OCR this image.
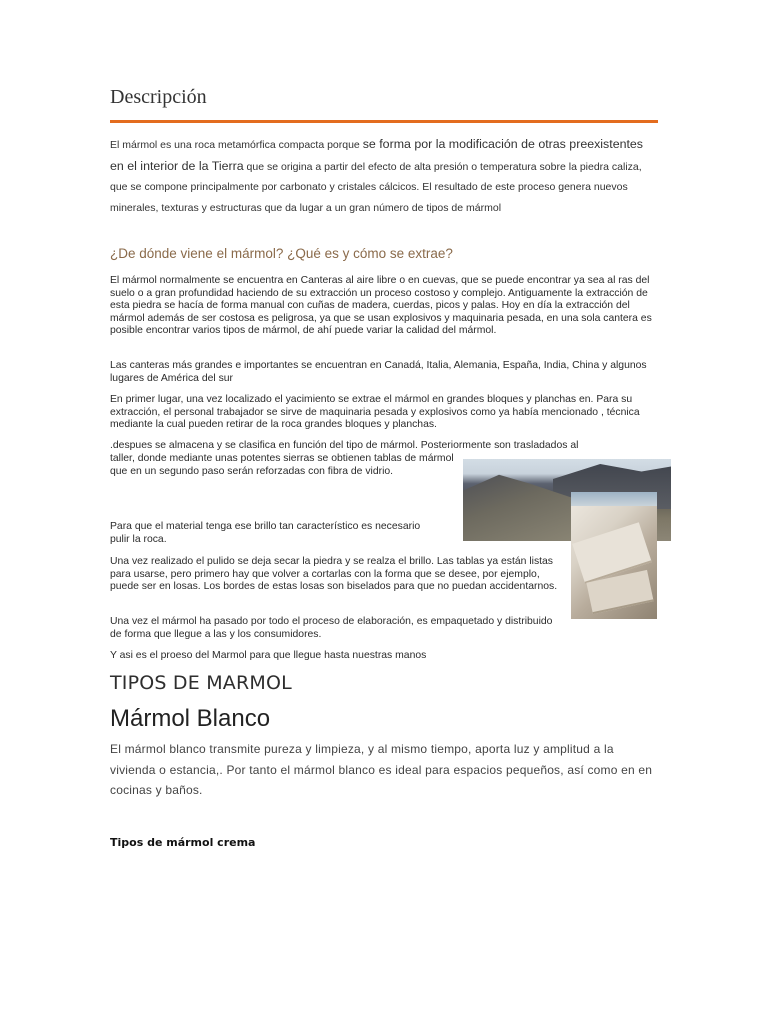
Descripción
El mármol es una roca metamórfica compacta porque se forma por la modificación de otras preexistentes en el interior de la Tierra que se origina a partir del efecto de alta presión o temperatura sobre la piedra caliza, que se compone principalmente por carbonato y cristales cálcicos. El resultado de este proceso genera nuevos minerales, texturas y estructuras que da lugar a un gran número de tipos de mármol
¿De dónde viene el mármol? ¿Qué es y cómo se extrae?
El mármol normalmente se encuentra en Canteras al aire libre o en cuevas, que se puede encontrar ya sea al ras del suelo o a gran profundidad haciendo de su extracción un proceso costoso y complejo. Antiguamente la extracción de esta piedra se hacía de forma manual con cuñas de madera, cuerdas, picos y palas. Hoy en día la extracción del mármol además de ser costosa es peligrosa, ya que se usan explosivos y maquinaria pesada, en una sola cantera es posible encontrar varios tipos de mármol, de ahí puede variar la calidad del mármol.
Las canteras más grandes e importantes se encuentran en Canadá, Italia, Alemania, España, India, China y algunos lugares de América del sur
En primer lugar, una vez localizado el yacimiento se extrae el mármol en grandes bloques y planchas en. Para su extracción, el personal trabajador se sirve de maquinaria pesada y explosivos como ya había mencionado , técnica mediante la cual pueden retirar de la roca grandes bloques y planchas.
.despues se almacena y se clasifica en función del tipo de mármol. Posteriormente son trasladados al
taller, donde mediante unas potentes sierras se obtienen tablas de mármol que en un segundo paso serán reforzadas con fibra de vidrio.
Para que el material tenga ese brillo tan característico es necesario pulir la roca.
Una vez realizado el pulido se deja secar la piedra y se realza el brillo. Las tablas ya están listas para usarse, pero primero hay que volver a cortarlas con la forma que se desee, por ejemplo, puede ser en losas. Los bordes de estas losas son biselados para que no puedan accidentarnos.
Una vez el mármol ha pasado por todo el proceso de elaboración, es empaquetado y distribuido de forma que llegue a las y los consumidores.
Y asi es el proeso del Marmol para que llegue hasta nuestras manos
TIPOS DE MARMOL
Mármol Blanco
El mármol blanco transmite pureza y limpieza, y al mismo tiempo, aporta luz y amplitud a la vivienda o estancia,. Por tanto el mármol blanco es ideal para espacios pequeños, así como en en cocinas y baños.
Tipos de mármol crema
